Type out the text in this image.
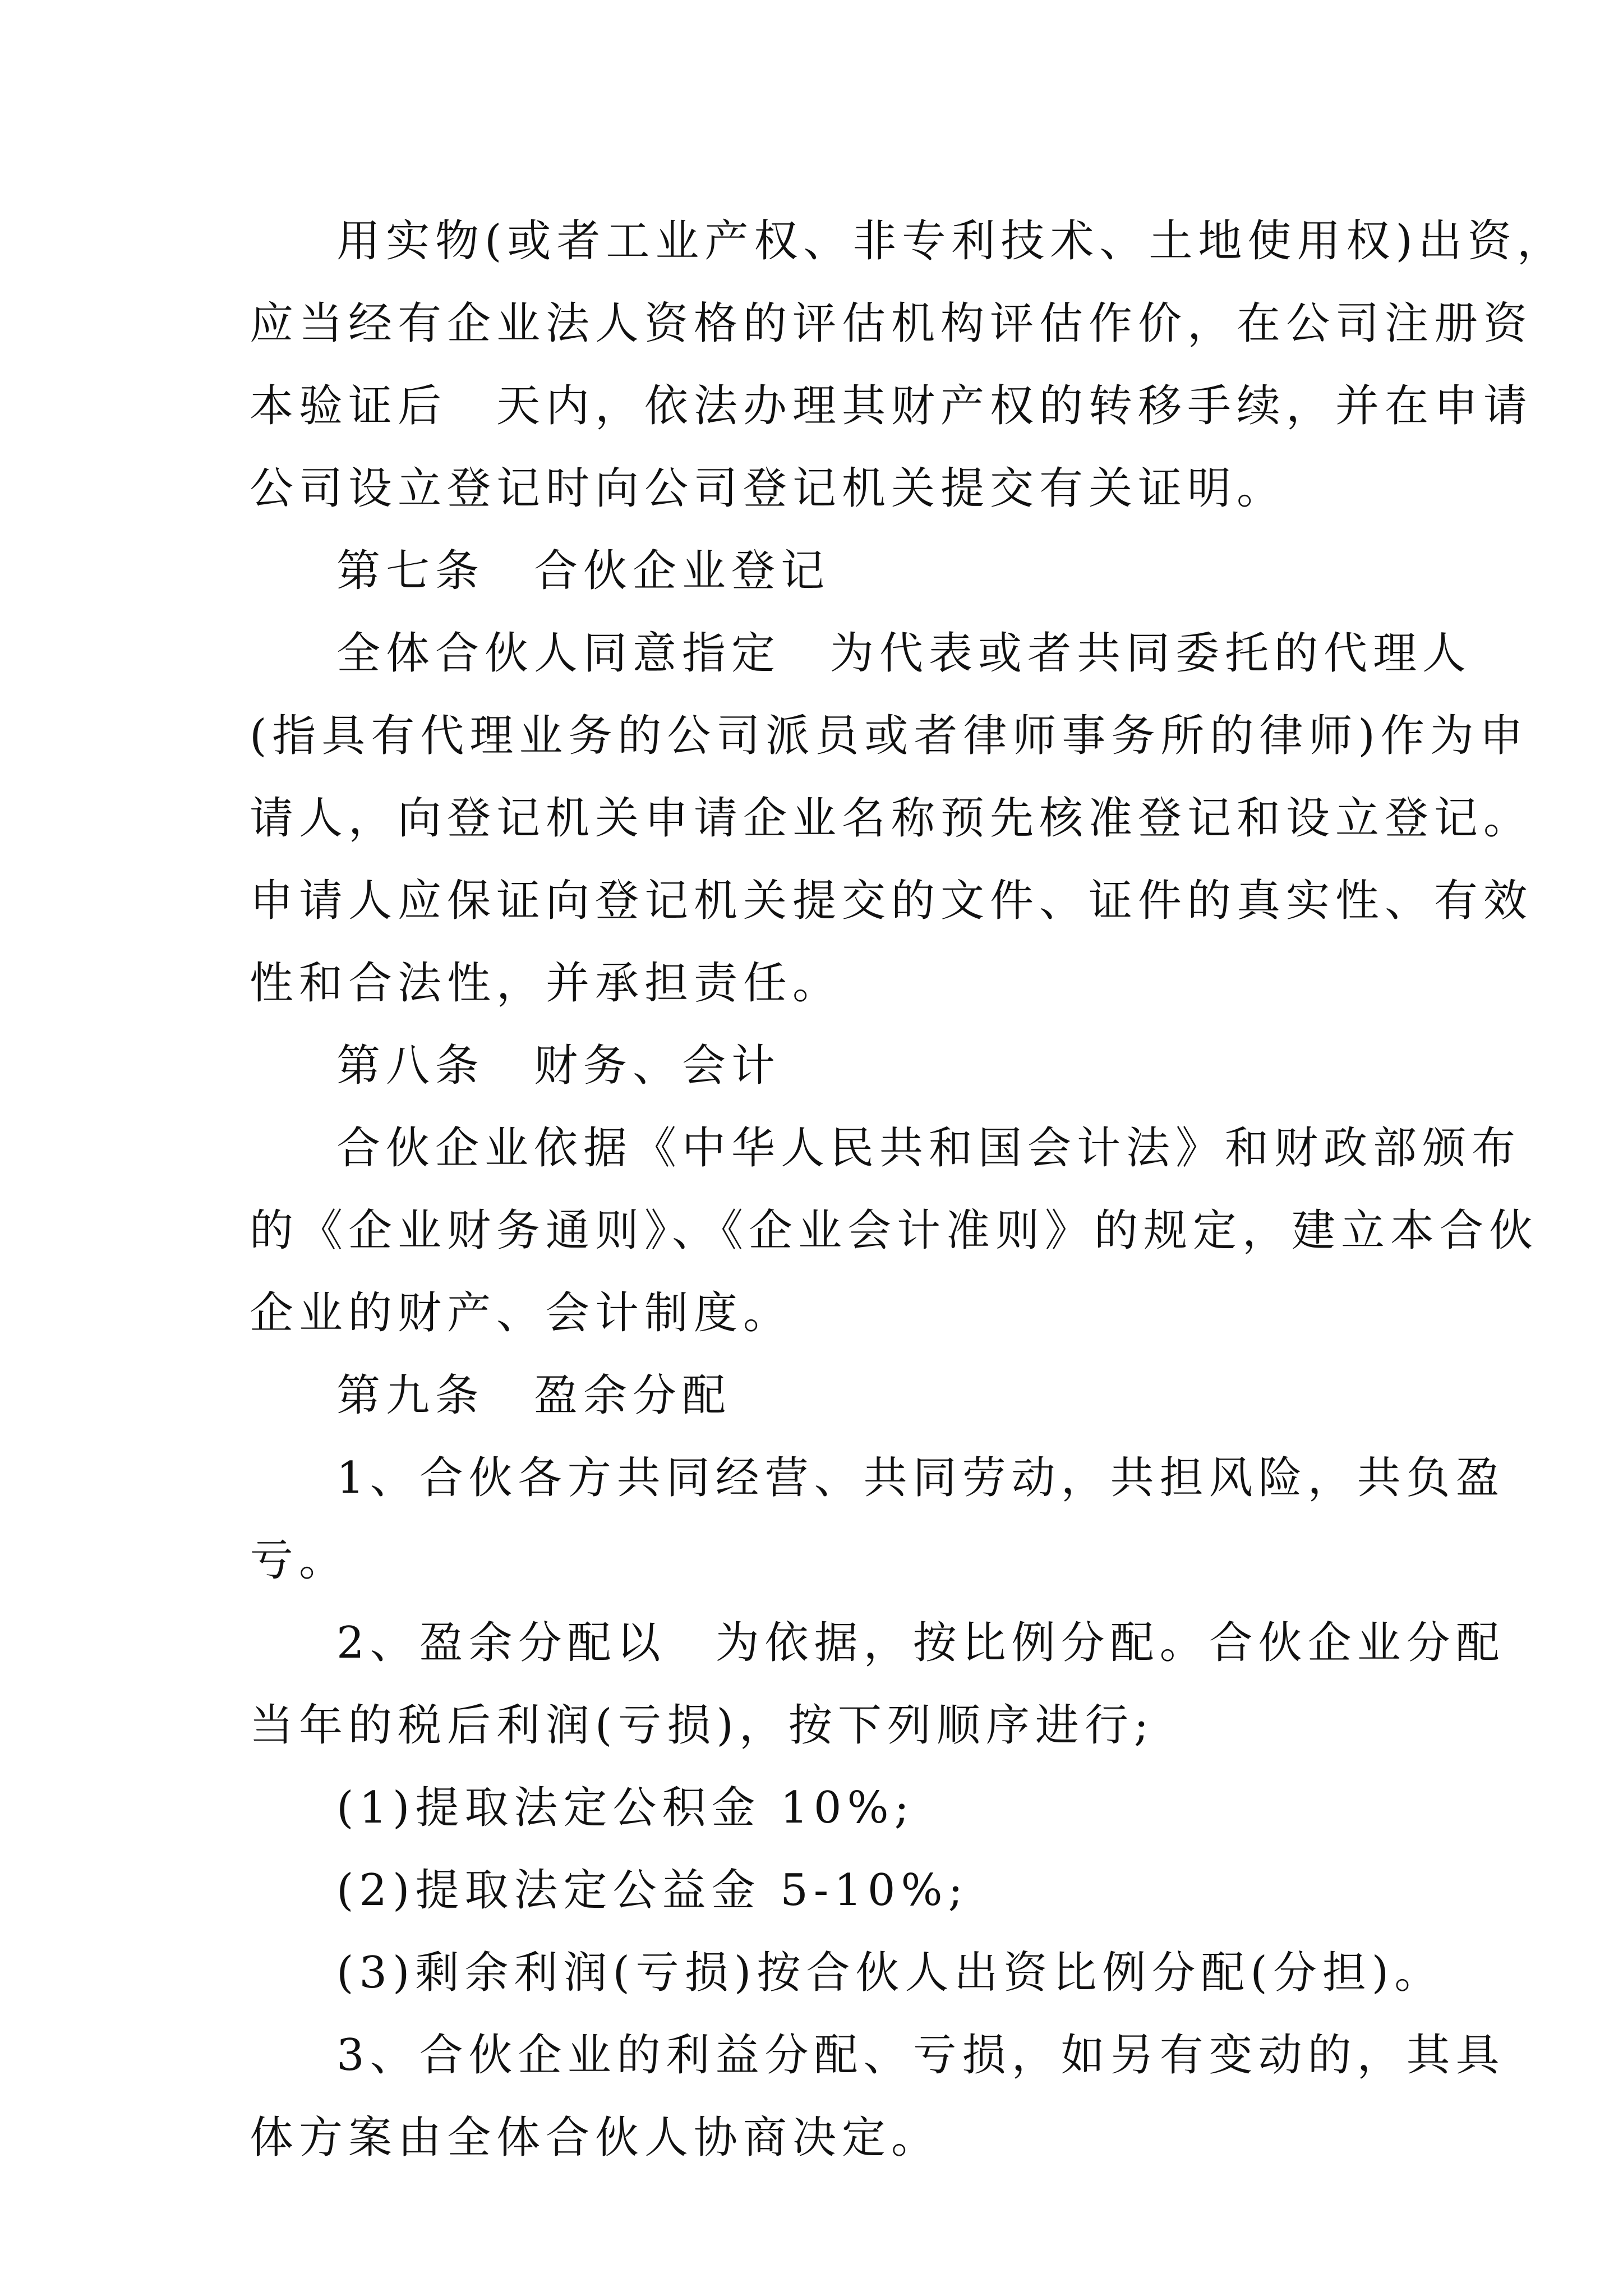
用实物(或者工业产权、非专利技术、土地使用权)出资，
应当经有企业法人资格的评估机构评估作价，在公司注册资
本验证后　天内，依法办理其财产权的转移手续，并在申请
公司设立登记时向公司登记机关提交有关证明。
第七条　合伙企业登记
全体合伙人同意指定　为代表或者共同委托的代理人
(指具有代理业务的公司派员或者律师事务所的律师)作为申
请人，向登记机关申请企业名称预先核准登记和设立登记。
申请人应保证向登记机关提交的文件、证件的真实性、有效
性和合法性，并承担责任。
第八条　财务、会计
合伙企业依据《中华人民共和国会计法》和财政部颁布
的《企业财务通则》、《企业会计准则》的规定，建立本合伙
企业的财产、会计制度。
第九条　盈余分配
1、合伙各方共同经营、共同劳动，共担风险，共负盈
亏。
2、盈余分配以　为依据，按比例分配。合伙企业分配
当年的税后利润(亏损)，按下列顺序进行;
(1)提取法定公积金 10%;
(2)提取法定公益金 5-10%;
(3)剩余利润(亏损)按合伙人出资比例分配(分担)。
3、合伙企业的利益分配、亏损，如另有变动的，其具
体方案由全体合伙人协商决定。
